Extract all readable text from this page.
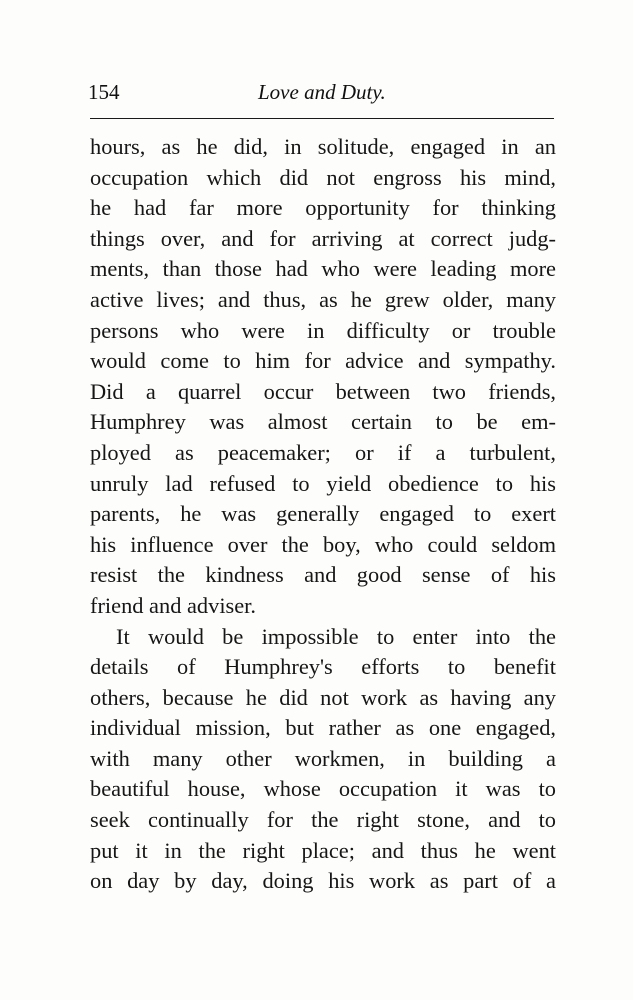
154	Love and Duty.
hours, as he did, in solitude, engaged in an
occupation which did not engross his mind,
he had far more opportunity for thinking
things over, and for arriving at correct judg-
ments, than those had who were leading more
active lives; and thus, as he grew older, many
persons who were in difficulty or trouble
would come to him for advice and sympathy.
Did a quarrel occur between two friends,
Humphrey was almost certain to be em-
ployed as peacemaker; or if a turbulent,
unruly lad refused to yield obedience to his
parents, he was generally engaged to exert
his influence over the boy, who could seldom
resist the kindness and good sense of his
friend and adviser.
It would be impossible to enter into the
details of Humphrey's efforts to benefit
others, because he did not work as having any
individual mission, but rather as one engaged,
with many other workmen, in building a
beautiful house, whose occupation it was to
seek continually for the right stone, and to
put it in the right place; and thus he went
on day by day, doing his work as part of a
